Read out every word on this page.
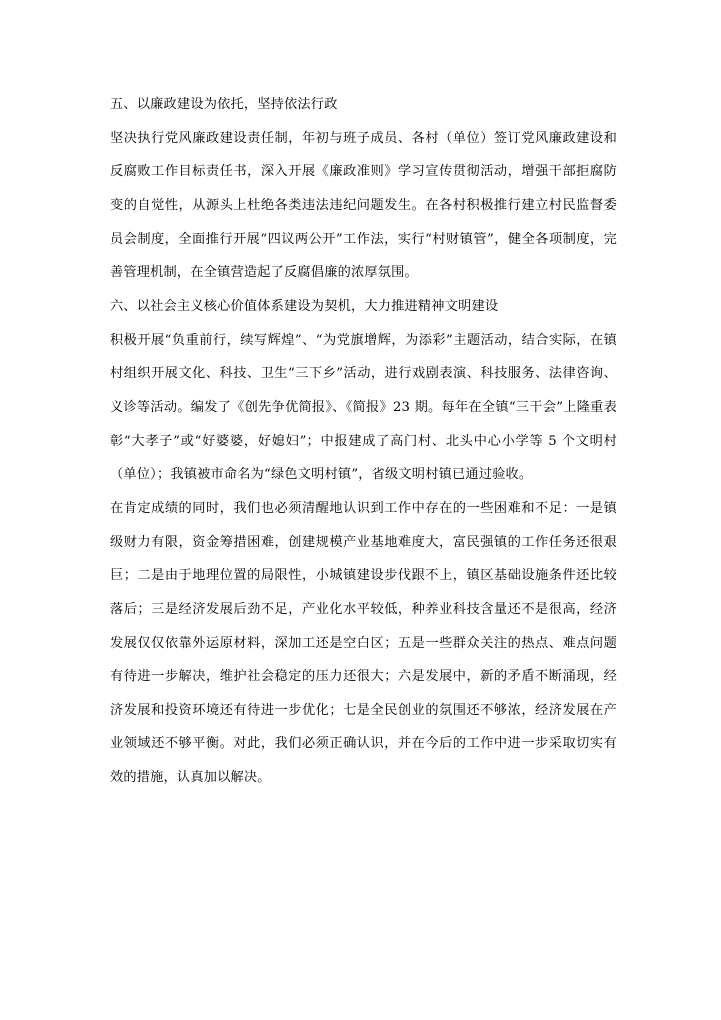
五、以廉政建设为依托，坚持依法行政

坚决执行党风廉政建设责任制，年初与班子成员、各村（单位）签订党风廉政建设和反腐败工作目标责任书，深入开展《廉政准则》学习宣传贯彻活动，增强干部拒腐防变的自觉性，从源头上杜绝各类违法违纪问题发生。在各村积极推行建立村民监督委员会制度，全面推行开展“四议两公开”工作法，实行“村财镇管”，健全各项制度，完善管理机制，在全镇营造起了反腐倡廉的浓厚氛围。

六、以社会主义核心价值体系建设为契机，大力推进精神文明建设

积极开展“负重前行，续写辉煌”、“为党旗增辉，为添彩”主题活动，结合实际，在镇村组织开展文化、科技、卫生“三下乡”活动，进行戏剧表演、科技服务、法律咨询、义诊等活动。编发了《创先争优简报》、《简报》23 期。每年在全镇“三干会”上隆重表彰“大孝子”或“好婆婆，好媳妇”；中报建成了高门村、北头中心小学等 5 个文明村（单位）；我镇被市命名为“绿色文明村镇”，省级文明村镇已通过验收。

在肯定成绩的同时，我们也必须清醒地认识到工作中存在的一些困难和不足：一是镇级财力有限，资金筹措困难，创建规模产业基地难度大，富民强镇的工作任务还很艰巨；二是由于地理位置的局限性，小城镇建设步伐跟不上，镇区基础设施条件还比较落后；三是经济发展后劲不足，产业化水平较低，种养业科技含量还不是很高，经济发展仅仅依靠外运原材料，深加工还是空白区；五是一些群众关注的热点、难点问题有待进一步解决，维护社会稳定的压力还很大；六是发展中，新的矛盾不断涌现，经济发展和投资环境还有待进一步优化；七是全民创业的氛围还不够浓，经济发展在产业领域还不够平衡。对此，我们必须正确认识，并在今后的工作中进一步采取切实有效的措施，认真加以解决。
